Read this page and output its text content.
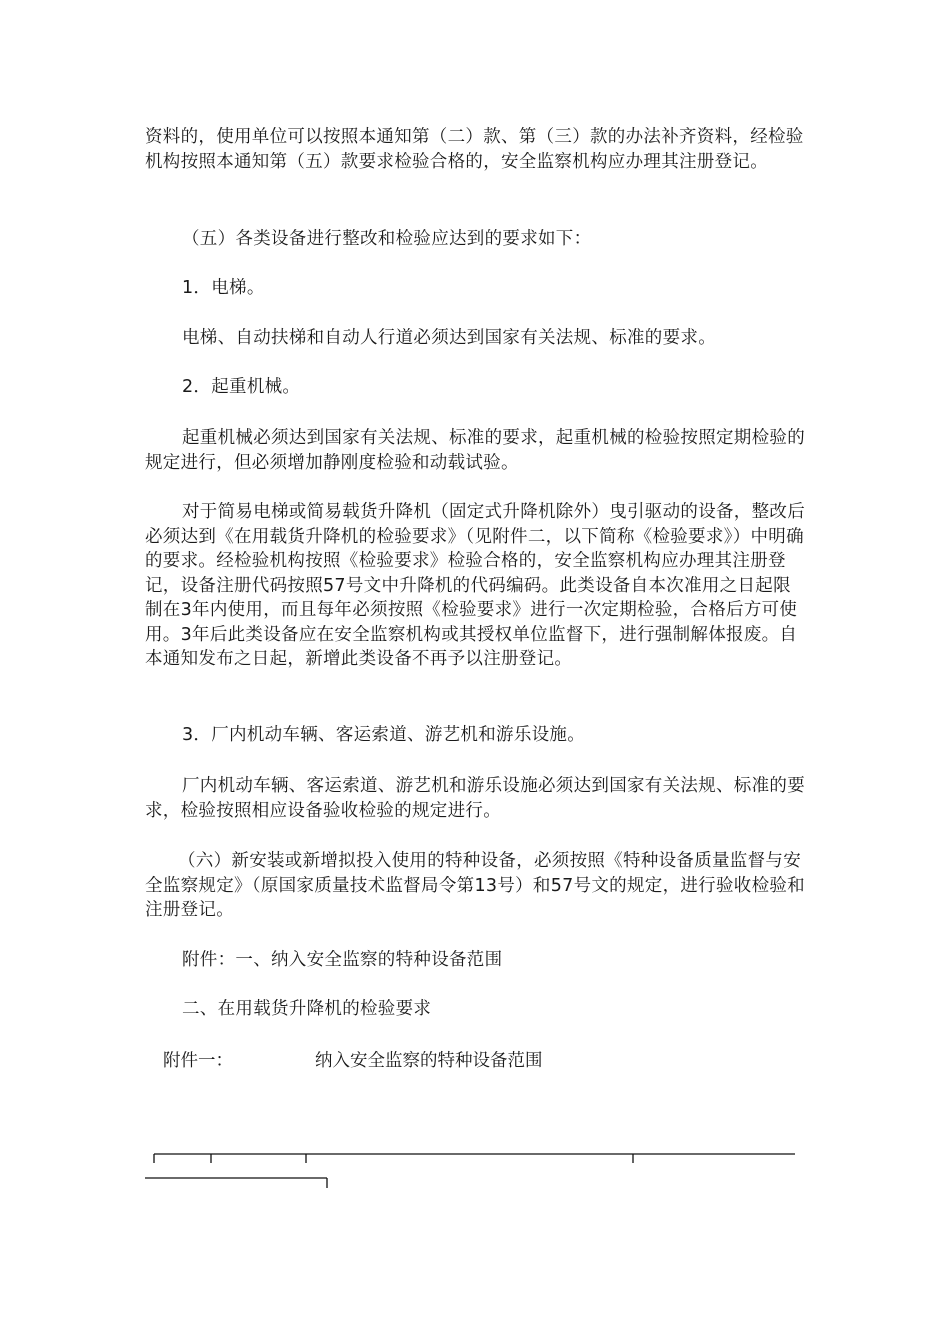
资料的，使用单位可以按照本通知第（二）款、第（三）款的办法补齐资料，经检验机构按照本通知第（五）款要求检验合格的，安全监察机构应办理其注册登记。

（五）各类设备进行整改和检验应达到的要求如下：

1．电梯。

电梯、自动扶梯和自动人行道必须达到国家有关法规、标准的要求。

2．起重机械。

起重机械必须达到国家有关法规、标准的要求，起重机械的检验按照定期检验的规定进行，但必须增加静刚度检验和动载试验。

对于简易电梯或简易载货升降机（固定式升降机除外）曳引驱动的设备，整改后必须达到《在用载货升降机的检验要求》（见附件二，以下简称《检验要求》）中明确的要求。经检验机构按照《检验要求》检验合格的，安全监察机构应办理其注册登记，设备注册代码按照57号文中升降机的代码编码。此类设备自本次准用之日起限制在3年内使用，而且每年必须按照《检验要求》进行一次定期检验，合格后方可使用。3年后此类设备应在安全监察机构或其授权单位监督下，进行强制解体报废。自本通知发布之日起，新增此类设备不再予以注册登记。

3．厂内机动车辆、客运索道、游艺机和游乐设施。

厂内机动车辆、客运索道、游艺机和游乐设施必须达到国家有关法规、标准的要求，检验按照相应设备验收检验的规定进行。

（六）新安装或新增拟投入使用的特种设备，必须按照《特种设备质量监督与安全监察规定》（原国家质量技术监督局令第13号）和57号文的规定，进行验收检验和注册登记。

附件：一、纳入安全监察的特种设备范围

二、在用载货升降机的检验要求

附件一：	纳入安全监察的特种设备范围
